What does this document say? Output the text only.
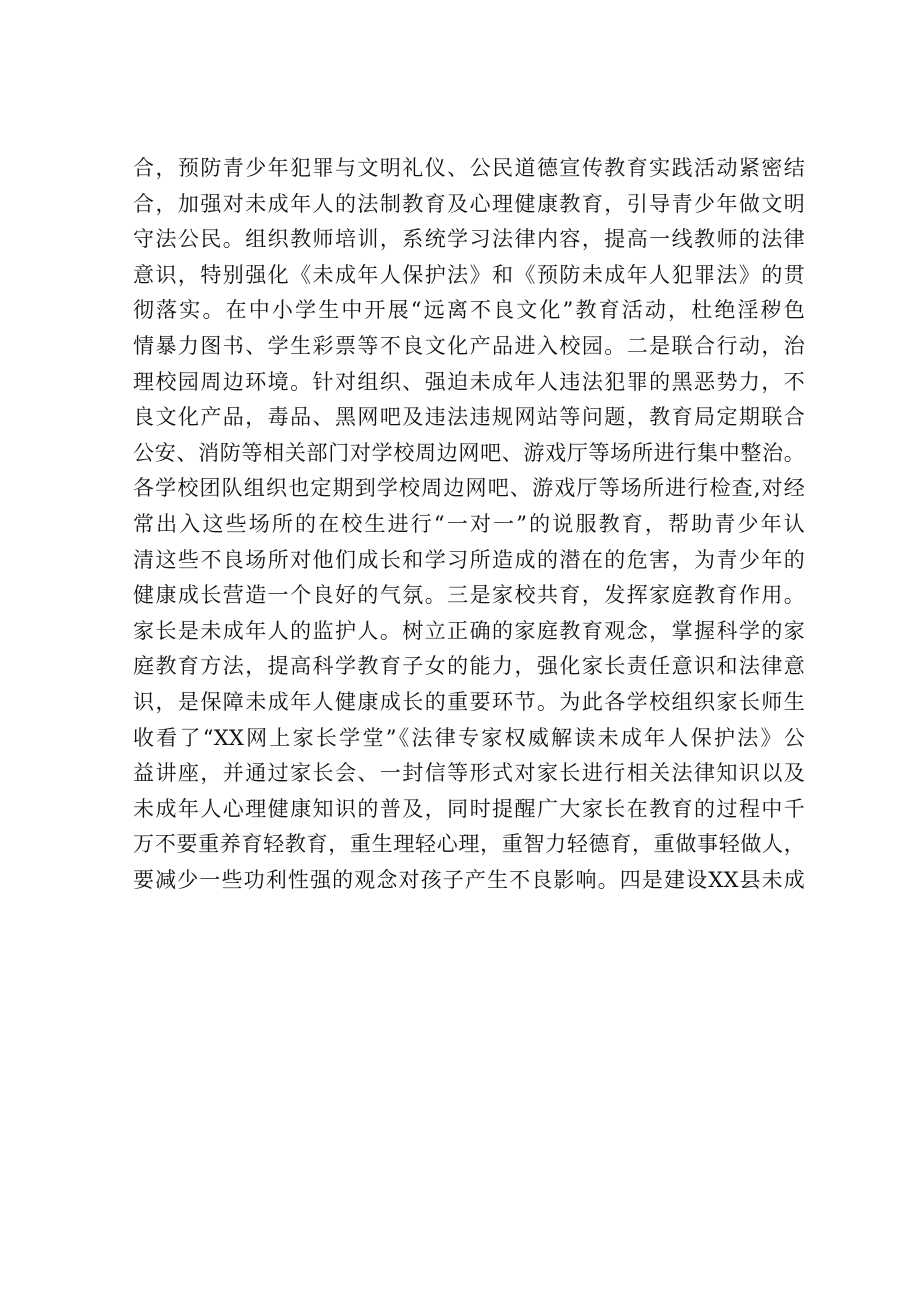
合，预防青少年犯罪与文明礼仪、公民道德宣传教育实践活动紧密结
合，加强对未成年人的法制教育及心理健康教育，引导青少年做文明
守法公民。组织教师培训，系统学习法律内容，提高一线教师的法律
意识，特别强化《未成年人保护法》和《预防未成年人犯罪法》的贯
彻落实。在中小学生中开展“远离不良文化”教育活动，杜绝淫秽色
情暴力图书、学生彩票等不良文化产品进入校园。二是联合行动，治
理校园周边环境。针对组织、强迫未成年人违法犯罪的黑恶势力，不
良文化产品，毒品、黑网吧及违法违规网站等问题，教育局定期联合
公安、消防等相关部门对学校周边网吧、游戏厅等场所进行集中整治。
各学校团队组织也定期到学校周边网吧、游戏厅等场所进行检查,对经
常出入这些场所的在校生进行“一对一”的说服教育，帮助青少年认
清这些不良场所对他们成长和学习所造成的潜在的危害，为青少年的
健康成长营造一个良好的气氛。三是家校共育，发挥家庭教育作用。
家长是未成年人的监护人。树立正确的家庭教育观念，掌握科学的家
庭教育方法，提高科学教育子女的能力，强化家长责任意识和法律意
识，是保障未成年人健康成长的重要环节。为此各学校组织家长师生
收看了“XX网上家长学堂”《法律专家权威解读未成年人保护法》公
益讲座，并通过家长会、一封信等形式对家长进行相关法律知识以及
未成年人心理健康知识的普及，同时提醒广大家长在教育的过程中千
万不要重养育轻教育，重生理轻心理，重智力轻德育，重做事轻做人，
要减少一些功利性强的观念对孩子产生不良影响。四是建设XX县未成
